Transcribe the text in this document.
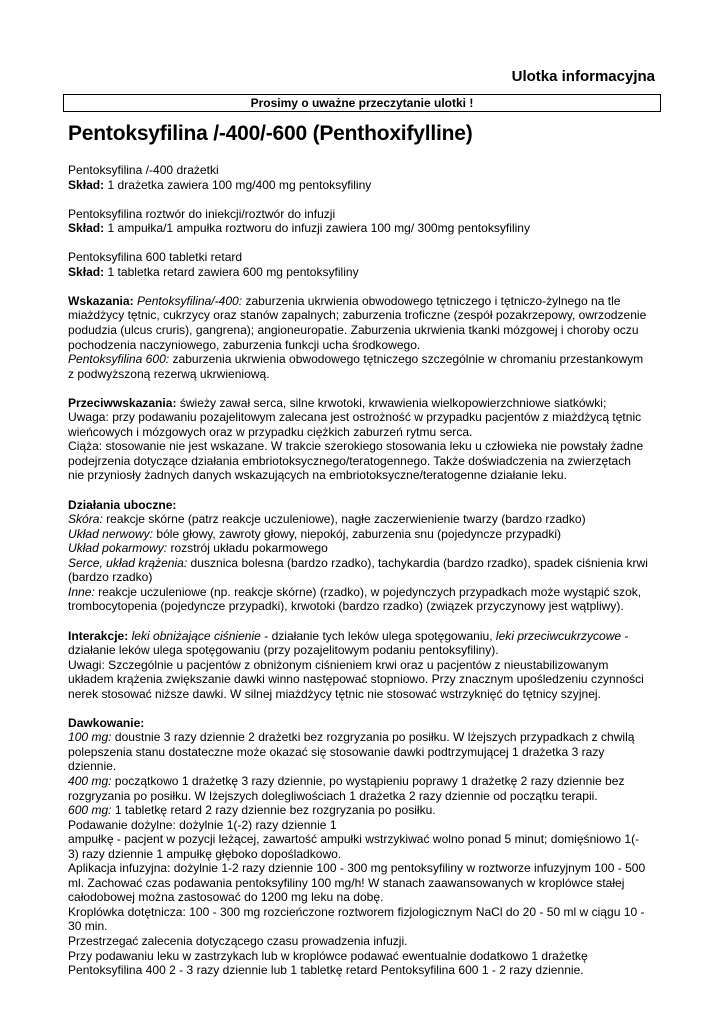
Ulotka informacyjna
Prosimy o uważne przeczytanie ulotki !
Pentoksyfilina /-400/-600 (Penthoxifylline)

Pentoksyfilina /-400 drażetki

Skład: 1 drażetka zawiera 100 mg/400 mg pentoksyfiliny

Pentoksyfilina roztwór do iniekcji/roztwór do infuzji

Skład: 1 ampułka/1 ampułka roztworu do infuzji zawiera 100 mg/ 300mg pentoksyfiliny

Pentoksyfilina 600 tabletki retard

Skład: 1 tabletka retard zawiera 600 mg pentoksyfiliny

Wskazania: Pentoksyfilina/-400: zaburzenia ukrwienia obwodowego tętniczego i tętniczo-żylnego na tle

miażdżycy tętnic, cukrzycy oraz stanów zapalnych; zaburzenia troficzne (zespół pozakrzepowy, owrzodzenie

podudzia (ulcus cruris), gangrena); angioneuropatie. Zaburzenia ukrwienia tkanki mózgowej i choroby oczu

pochodzenia naczyniowego, zaburzenia funkcji ucha środkowego.

Pentoksyfilina 600: zaburzenia ukrwienia obwodowego tętniczego szczególnie w chromaniu przestankowym

z podwyższoną rezerwą ukrwieniową.

Przeciwwskazania: świeży zawał serca, silne krwotoki, krwawienia wielkopowierzchniowe siatkówki;

Uwaga: przy podawaniu pozajelitowym zalecana jest ostrożność w przypadku pacjentów z miażdżycą tętnic

wieńcowych i mózgowych oraz w przypadku ciężkich zaburzeń rytmu serca.

Ciąża: stosowanie nie jest wskazane. W trakcie szerokiego stosowania leku u człowieka nie powstały żadne

podejrzenia dotyczące działania embriotoksycznego/teratogennego. Także doświadczenia na zwierzętach

nie przyniosły żadnych danych wskazujących na embriotoksyczne/teratogenne działanie leku.

Działania uboczne:

Skóra: reakcje skórne (patrz reakcje uczuleniowe), nagłe zaczerwienienie twarzy (bardzo rzadko)

Układ nerwowy: bóle głowy, zawroty głowy, niepokój, zaburzenia snu (pojedyncze przypadki)

Układ pokarmowy: rozstrój układu pokarmowego

Serce, układ krążenia: dusznica bolesna (bardzo rzadko), tachykardia (bardzo rzadko), spadek ciśnienia krwi

(bardzo rzadko)

Inne: reakcje uczuleniowe (np. reakcje skórne) (rzadko), w pojedynczych przypadkach może wystąpić szok,

trombocytopenia (pojedyncze przypadki), krwotoki (bardzo rzadko) (związek przyczynowy jest wątpliwy).

Interakcje: leki obniżające ciśnienie - działanie tych leków ulega spotęgowaniu, leki przeciwcukrzycowe -

działanie leków ulega spotęgowaniu (przy pozajelitowym podaniu pentoksyfiliny).

Uwagi: Szczególnie u pacjentów z obniżonym ciśnieniem krwi oraz u pacjentów z nieustabilizowanym

układem krążenia zwiększanie dawki winno następować stopniowo. Przy znacznym upośledzeniu czynności

nerek stosować niższe dawki. W silnej miażdżycy tętnic nie stosować wstrzyknięć do tętnicy szyjnej.

Dawkowanie:

100 mg: doustnie 3 razy dziennie 2 drażetki bez rozgryzania po posiłku. W lżejszych przypadkach z chwilą

polepszenia stanu dostateczne może okazać się stosowanie dawki podtrzymującej 1 drażetka 3 razy

dziennie.

400 mg: początkowo 1 drażetkę 3 razy dziennie, po wystąpieniu poprawy 1 drażetkę 2 razy dziennie bez

rozgryzania po posiłku. W lżejszych dolegliwościach 1 drażetka 2 razy dziennie od początku terapii.

600 mg: 1 tabletkę retard 2 razy dziennie bez rozgryzania po posiłku.

Podawanie dożylne: dożylnie 1(-2) razy dziennie 1

ampułkę - pacjent w pozycji leżącej, zawartość ampułki wstrzykiwać wolno ponad 5 minut; domięśniowo 1(-

3) razy dziennie 1 ampułkę głęboko dopośladkowo.

Aplikacja infuzyjna: dożylnie 1-2 razy dziennie 100 - 300 mg pentoksyfiliny w roztworze infuzyjnym 100 - 500

ml. Zachować czas podawania pentoksyfiliny 100 mg/h! W stanach zaawansowanych w kroplówce stałej

całodobowej można zastosować do 1200 mg leku na dobę.

Kroplówka dotętnicza: 100 - 300 mg rozcieńczone roztworem fizjologicznym NaCl do 20 - 50 ml w ciągu 10 -

30 min.

Przestrzegać zalecenia dotyczącego czasu prowadzenia infuzji.

Przy podawaniu leku w zastrzykach lub w kroplówce podawać ewentualnie dodatkowo 1 drażetkę

Pentoksyfilina 400 2 - 3 razy dziennie lub 1 tabletkę retard Pentoksyfilina 600 1 - 2 razy dziennie.
